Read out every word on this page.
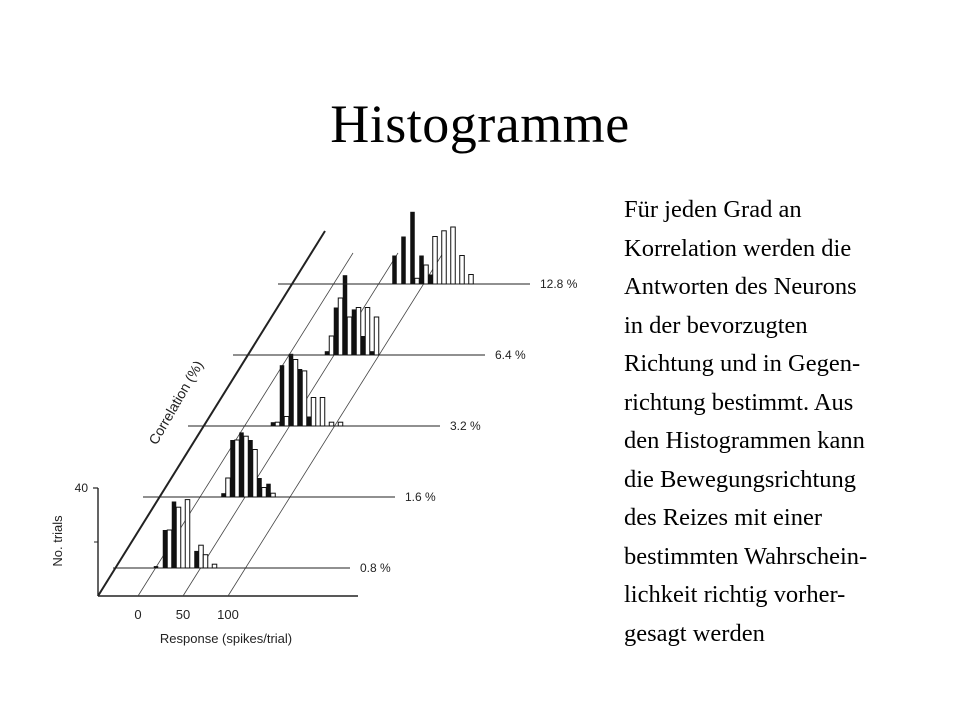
Histogramme
40
No. trials
0	50 100
Response (spikes/trial)
Correlation (%)
0.8 %
1.6 %
3.2 %
6.4 %
12.8 %
Für jeden Grad an
Korrelation werden die
Antworten des Neurons
in der bevorzugten
Richtung und in Gegen-
richtung bestimmt. Aus
den Histogrammen kann
die Bewegungsrichtung
des Reizes mit einer
bestimmten Wahrschein-
lichkeit richtig vorher-
gesagt werden
